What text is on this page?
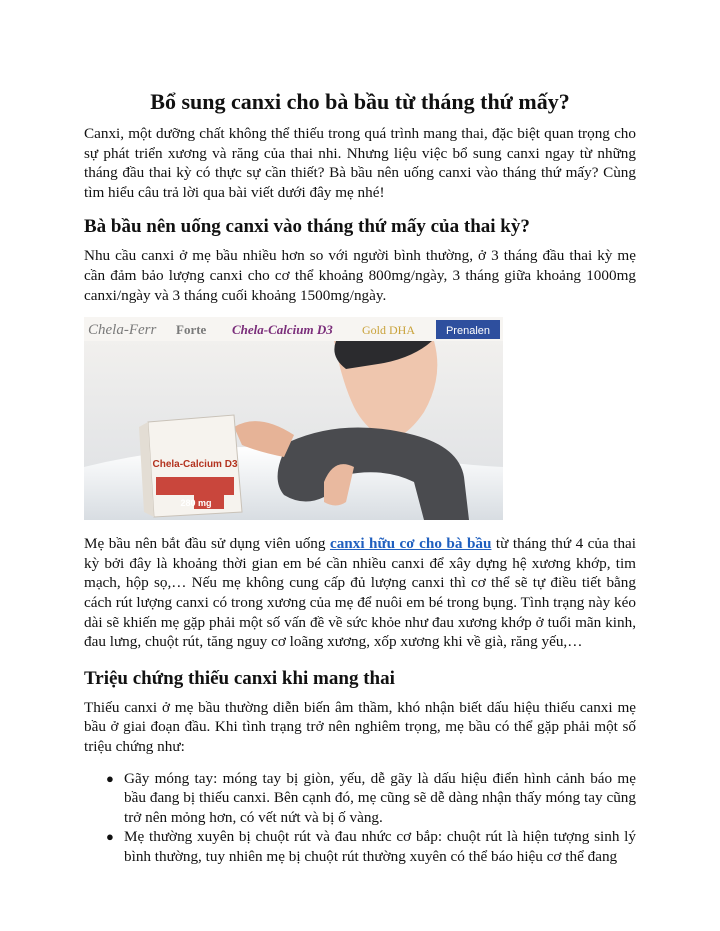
Bổ sung canxi cho bà bầu từ tháng thứ mấy?

Canxi, một dưỡng chất không thể thiếu trong quá trình mang thai, đặc biệt quan trọng cho sự phát triển xương và răng của thai nhi. Nhưng liệu việc bổ sung canxi ngay từ những tháng đầu thai kỳ có thực sự cần thiết? Bà bầu nên uống canxi vào tháng thứ mấy? Cùng tìm hiểu câu trả lời qua bài viết dưới đây mẹ nhé!

Bà bầu nên uống canxi vào tháng thứ mấy của thai kỳ?

Nhu cầu canxi ở mẹ bầu nhiều hơn so với người bình thường, ở 3 tháng đầu thai kỳ mẹ cần đảm bảo lượng canxi cho cơ thể khoảng 800mg/ngày, 3 tháng giữa khoảng 1000mg canxi/ngày và 3 tháng cuối khoảng 1500mg/ngày.

280 mg
Chela-Calcium D3
Chela-Ferr Forte Chela-Calcium D3 Gold DHA	Prenalen

Mẹ bầu nên bắt đầu sử dụng viên uống canxi hữu cơ cho bà bầu từ tháng thứ 4 của thai kỳ bởi đây là khoảng thời gian em bé cần nhiều canxi để xây dựng hệ xương khớp, tim mạch, hộp sọ,… Nếu mẹ không cung cấp đủ lượng canxi thì cơ thể sẽ tự điều tiết bằng cách rút lượng canxi có trong xương của mẹ để nuôi em bé trong bụng. Tình trạng này kéo dài sẽ khiến mẹ gặp phải một số vấn đề về sức khỏe như đau xương khớp ở tuổi mãn kinh, đau lưng, chuột rút, tăng nguy cơ loãng xương, xốp xương khi về già, răng yếu,…

Triệu chứng thiếu canxi khi mang thai

Thiếu canxi ở mẹ bầu thường diễn biến âm thầm, khó nhận biết dấu hiệu thiếu canxi mẹ bầu ở giai đoạn đầu. Khi tình trạng trở nên nghiêm trọng, mẹ bầu có thể gặp phải một số triệu chứng như:

● Gãy móng tay: móng tay bị giòn, yếu, dễ gãy là dấu hiệu điển hình cảnh báo mẹ bầu đang bị thiếu canxi. Bên cạnh đó, mẹ cũng sẽ dễ dàng nhận thấy móng tay cũng trở nên mỏng hơn, có vết nứt và bị ố vàng.
● Mẹ thường xuyên bị chuột rút và đau nhức cơ bắp: chuột rút là hiện tượng sinh lý bình thường, tuy nhiên mẹ bị chuột rút thường xuyên có thể báo hiệu cơ thể đang
